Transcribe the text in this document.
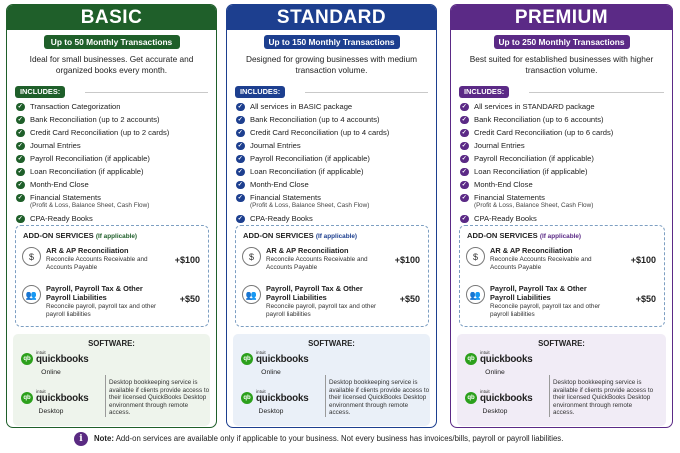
BASIC
Up to 50 Monthly Transactions
Ideal for small businesses. Get accurate and organized books every month.
INCLUDES:
✓ Transaction Categorization
✓ Bank Reconciliation (up to 2 accounts)
✓ Credit Card Reconciliation (up to 2 cards)
✓ Journal Entries
✓ Payroll Reconciliation (if applicable)
✓ Loan Reconciliation (if applicable)
✓ Month-End Close
✓ Financial Statements
(Profit & Loss, Balance Sheet, Cash Flow)
✓ CPA-Ready Books
ADD-ON SERVICES (If applicable)
$
AR & AP Reconciliation
Reconcile Accounts Receivable and Accounts Payable
+$100
👥
Payroll, Payroll Tax & Other Payroll Liabilities
Reconcile payroll, payroll tax and other payroll liabilities
+$50
SOFTWARE:
qb
intuit
quickbooks
Online
qb
intuit
quickbooks
Desktop
Desktop bookkeeping service is available if clients provide access to their licensed QuickBooks Desktop environment through remote access.
STANDARD
Up to 150 Monthly Transactions
Designed for growing businesses with medium transaction volume.
INCLUDES:
✓ All services in BASIC package
✓ Bank Reconciliation (up to 4 accounts)
✓ Credit Card Reconciliation (up to 4 cards)
✓ Journal Entries
✓ Payroll Reconciliation (if applicable)
✓ Loan Reconciliation (if applicable)
✓ Month-End Close
✓ Financial Statements
(Profit & Loss, Balance Sheet, Cash Flow)
✓ CPA-Ready Books
ADD-ON SERVICES (If applicable)
$
AR & AP Reconciliation
Reconcile Accounts Receivable and Accounts Payable
+$100
👥
Payroll, Payroll Tax & Other Payroll Liabilities
Reconcile payroll, payroll tax and other payroll liabilities
+$50
SOFTWARE:
qb
intuit
quickbooks
Online
qb
intuit
quickbooks
Desktop
Desktop bookkeeping service is available if clients provide access to their licensed QuickBooks Desktop environment through remote access.
PREMIUM
Up to 250 Monthly Transactions
Best suited for established businesses with higher transaction volume.
INCLUDES:
✓ All services in STANDARD package
✓ Bank Reconciliation (up to 6 accounts)
✓ Credit Card Reconciliation (up to 6 cards)
✓ Journal Entries
✓ Payroll Reconciliation (if applicable)
✓ Loan Reconciliation (if applicable)
✓ Month-End Close
✓ Financial Statements
(Profit & Loss, Balance Sheet, Cash Flow)
✓ CPA-Ready Books
ADD-ON SERVICES (If applicable)
$
AR & AP Reconciliation
Reconcile Accounts Receivable and Accounts Payable
+$100
👥
Payroll, Payroll Tax & Other Payroll Liabilities
Reconcile payroll, payroll tax and other payroll liabilities
+$50
SOFTWARE:
qb
intuit
quickbooks
Online
qb
intuit
quickbooks
Desktop
Desktop bookkeeping service is available if clients provide access to their licensed QuickBooks Desktop environment through remote access.
i	Note: Add-on services are available only if applicable to your business. Not every business has invoices/bills, payroll or payroll liabilities.
